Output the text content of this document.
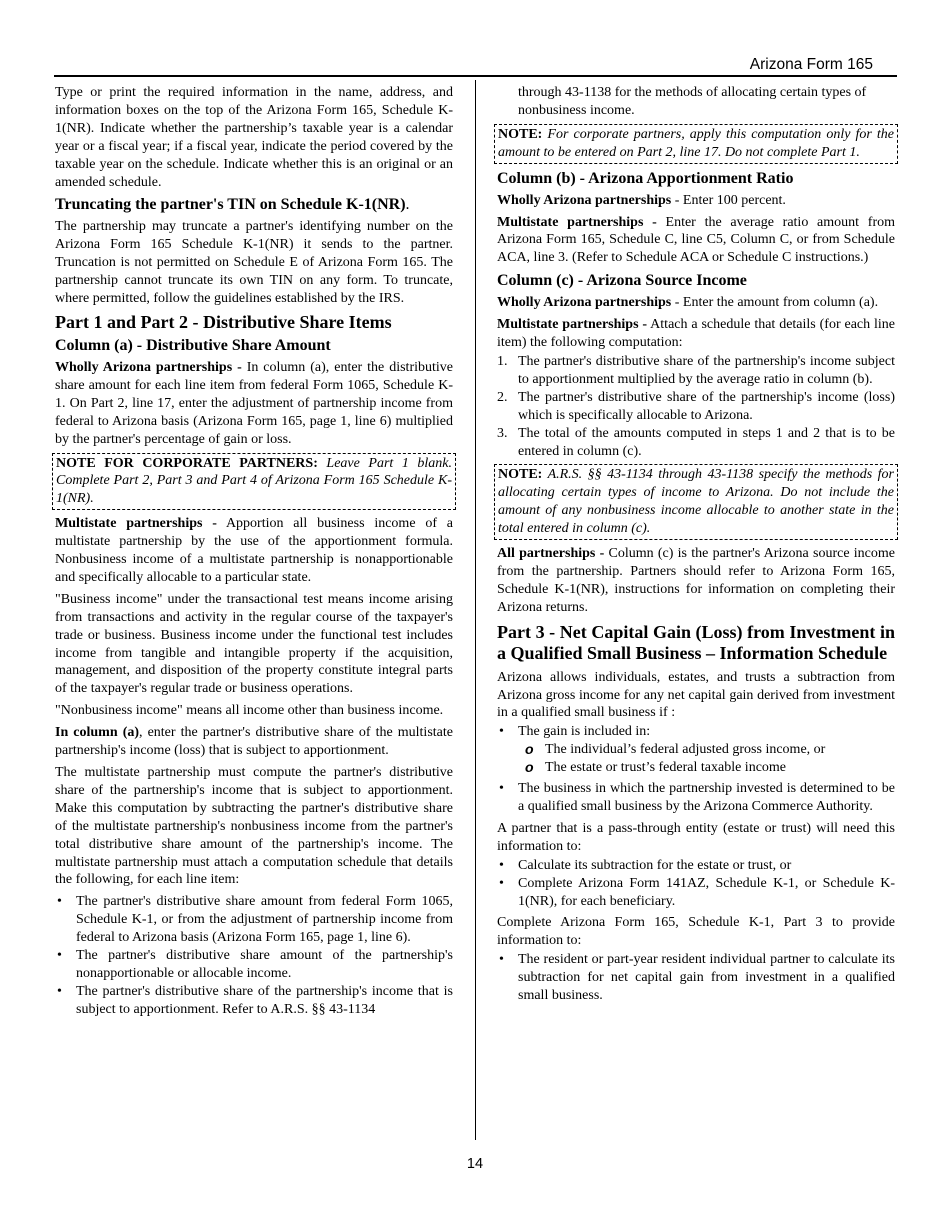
Arizona Form 165

Type or print the required information in the name, address, and information boxes on the top of the Arizona Form 165, Schedule K-1(NR). Indicate whether the partnership’s taxable year is a calendar year or a fiscal year; if a fiscal year, indicate the period covered by the taxable year on the schedule. Indicate whether this is an original or an amended schedule.

Truncating the partner's TIN on Schedule K-1(NR).

The partnership may truncate a partner's identifying number on the Arizona Form 165 Schedule K-1(NR) it sends to the partner. Truncation is not permitted on Schedule E of Arizona Form 165. The partnership cannot truncate its own TIN on any form. To truncate, where permitted, follow the guidelines established by the IRS.

Part 1 and Part 2 - Distributive Share Items
Column (a) - Distributive Share Amount

Wholly Arizona partnerships - In column (a), enter the distributive share amount for each line item from federal Form 1065, Schedule K-1. On Part 2, line 17, enter the adjustment of partnership income from federal to Arizona basis (Arizona Form 165, page 1, line 6) multiplied by the partner's percentage of gain or loss.

NOTE FOR CORPORATE PARTNERS: Leave Part 1 blank. Complete Part 2, Part 3 and Part 4 of Arizona Form 165 Schedule K-1(NR).

Multistate partnerships - Apportion all business income of a multistate partnership by the use of the apportionment formula. Nonbusiness income of a multistate partnership is nonapportionable and specifically allocable to a particular state.

"Business income" under the transactional test means income arising from transactions and activity in the regular course of the taxpayer's trade or business. Business income under the functional test includes income from tangible and intangible property if the acquisition, management, and disposition of the property constitute integral parts of the taxpayer's regular trade or business operations.

"Nonbusiness income" means all income other than business income.

In column (a), enter the partner's distributive share of the multistate partnership's income (loss) that is subject to apportionment.

The multistate partnership must compute the partner's distributive share of the partnership's income that is subject to apportionment. Make this computation by subtracting the partner's distributive share of the multistate partnership's nonbusiness income from the partner's total distributive share amount of the partnership's income. The multistate partnership must attach a computation schedule that details the following, for each line item:

• The partner's distributive share amount from federal Form 1065, Schedule K-1, or from the adjustment of partnership income from federal to Arizona basis (Arizona Form 165, page 1, line 6).
• The partner's distributive share amount of the partnership's nonapportionable or allocable income.
• The partner's distributive share of the partnership's income that is subject to apportionment. Refer to A.R.S. §§ 43-1134

through 43-1138 for the methods of allocating certain types of nonbusiness income.

NOTE: For corporate partners, apply this computation only for the amount to be entered on Part 2, line 17. Do not complete Part 1.
Column (b) - Arizona Apportionment Ratio

Wholly Arizona partnerships - Enter 100 percent.

Multistate partnerships - Enter the average ratio amount from Arizona Form 165, Schedule C, line C5, Column C, or from Schedule ACA, line 3. (Refer to Schedule ACA or Schedule C instructions.)

Column (c) - Arizona Source Income

Wholly Arizona partnerships - Enter the amount from column (a).

Multistate partnerships - Attach a schedule that details (for each line item) the following computation:

1. The partner's distributive share of the partnership's income subject to apportionment multiplied by the average ratio in column (b).
2. The partner's distributive share of the partnership's income (loss) which is specifically allocable to Arizona.
3. The total of the amounts computed in steps 1 and 2 that is to be entered in column (c).
NOTE: A.R.S. §§ 43-1134 through 43-1138 specify the methods for allocating certain types of income to Arizona. Do not include the amount of any nonbusiness income allocable to another state in the total entered in column (c).

All partnerships - Column (c) is the partner's Arizona source income from the partnership. Partners should refer to Arizona Form 165, Schedule K-1(NR), instructions for information on completing their Arizona returns.

Part 3 - Net Capital Gain (Loss) from Investment in a Qualified Small Business – Information Schedule

Arizona allows individuals, estates, and trusts a subtraction from Arizona gross income for any net capital gain derived from investment in a qualified small business if :

• The gain is included in:
o The individual’s federal adjusted gross income, or
o The estate or trust’s federal taxable income
• The business in which the partnership invested is determined to be a qualified small business by the Arizona Commerce Authority.

A partner that is a pass-through entity (estate or trust) will need this information to:

• Calculate its subtraction for the estate or trust, or
• Complete Arizona Form 141AZ, Schedule K-1, or Schedule K-1(NR), for each beneficiary.

Complete Arizona Form 165, Schedule K-1, Part 3 to provide information to:

• The resident or part-year resident individual partner to calculate its subtraction for net capital gain from investment in a qualified small business.
14
